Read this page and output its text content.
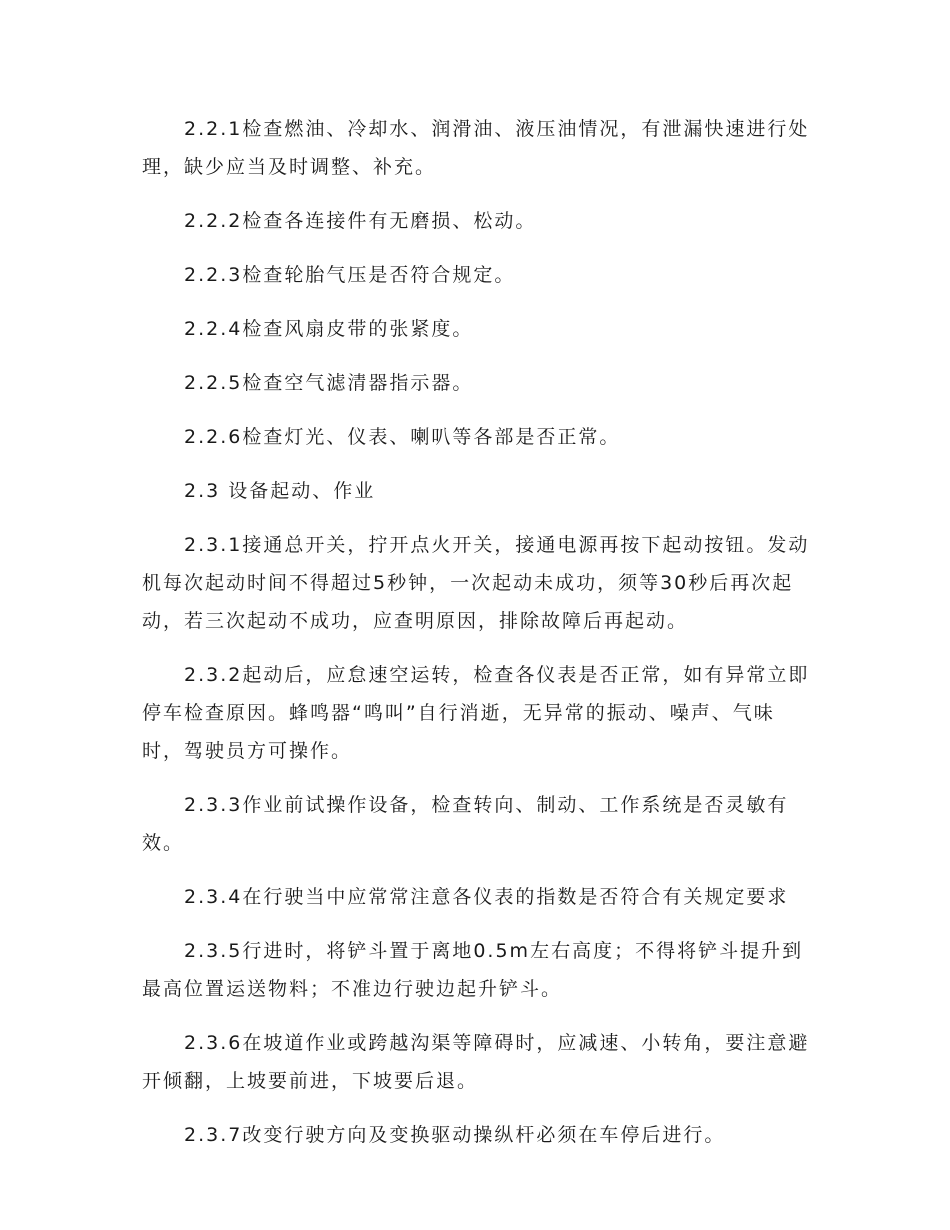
2.2.1检查燃油、冷却水、润滑油、液压油情况，有泄漏快速进行处理，缺少应当及时调整、补充。

2.2.2检查各连接件有无磨损、松动。

2.2.3检查轮胎气压是否符合规定。

2.2.4检查风扇皮带的张紧度。

2.2.5检查空气滤清器指示器。

2.2.6检查灯光、仪表、喇叭等各部是否正常。

2.3 设备起动、作业

2.3.1接通总开关，拧开点火开关，接通电源再按下起动按钮。发动机每次起动时间不得超过5秒钟，一次起动未成功，须等30秒后再次起动，若三次起动不成功，应查明原因，排除故障后再起动。

2.3.2起动后，应怠速空运转，检查各仪表是否正常，如有异常立即停车检查原因。蜂鸣器“鸣叫”自行消逝，无异常的振动、噪声、气味时，驾驶员方可操作。

2.3.3作业前试操作设备，检查转向、制动、工作系统是否灵敏有效。

2.3.4在行驶当中应常常注意各仪表的指数是否符合有关规定要求

2.3.5行进时，将铲斗置于离地0.5m左右高度；不得将铲斗提升到最高位置运送物料；不准边行驶边起升铲斗。

2.3.6在坡道作业或跨越沟渠等障碍时，应减速、小转角，要注意避开倾翻，上坡要前进，下坡要后退。

2.3.7改变行驶方向及变换驱动操纵杆必须在车停后进行。
